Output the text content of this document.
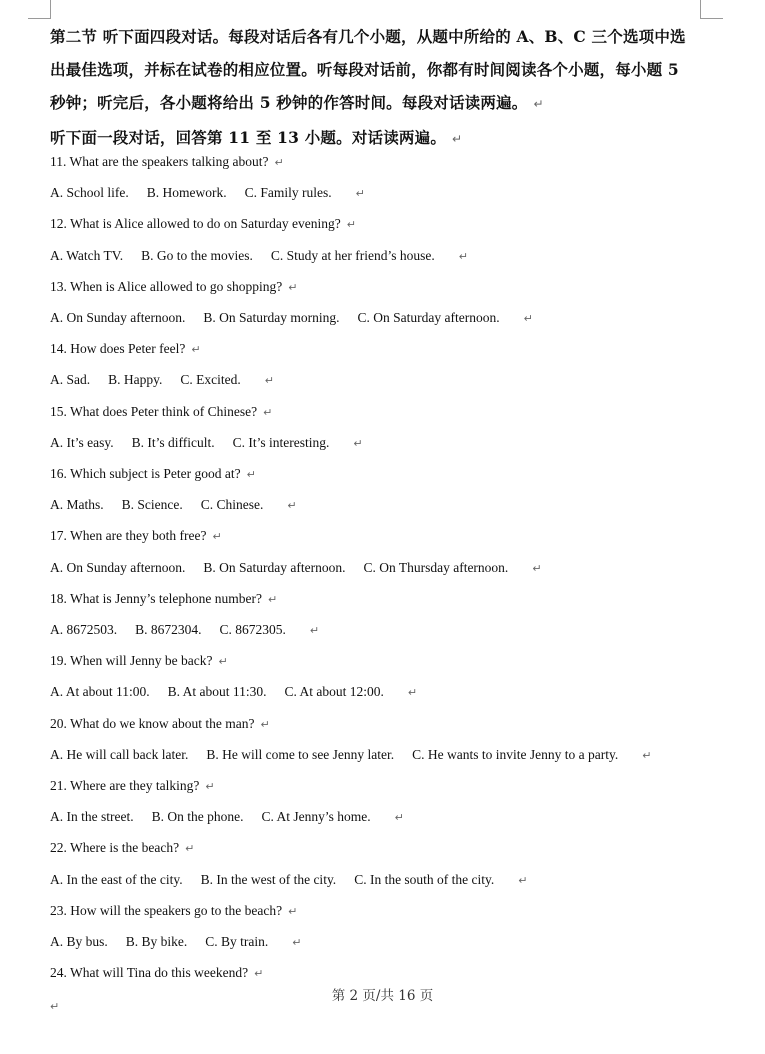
第二节 听下面四段对话。每段对话后各有几个小题，从题中所给的 A、B、C 三个选项中选
出最佳选项，并标在试卷的相应位置。听每段对话前，你都有时间阅读各个小题，每小题 5
秒钟；听完后，各小题将给出 5 秒钟的作答时间。每段对话读两遍。 ↵
听下面一段对话，回答第 11 至 13 小题。对话读两遍。 ↵
11. What are the speakers talking about? ↵
A. School life. B. Homework. C. Family rules. ↵
12. What is Alice allowed to do on Saturday evening? ↵
A. Watch TV. B. Go to the movies. C. Study at her friend’s house. ↵
13. When is Alice allowed to go shopping? ↵
A. On Sunday afternoon. B. On Saturday morning. C. On Saturday afternoon. ↵
14. How does Peter feel? ↵
A. Sad. B. Happy. C. Excited. ↵
15. What does Peter think of Chinese? ↵
A. It’s easy. B. It’s difficult. C. It’s interesting. ↵
16. Which subject is Peter good at? ↵
A. Maths. B. Science. C. Chinese. ↵
17. When are they both free? ↵
A. On Sunday afternoon. B. On Saturday afternoon. C. On Thursday afternoon. ↵
18. What is Jenny’s telephone number? ↵
A. 8672503. B. 8672304. C. 8672305. ↵
19. When will Jenny be back? ↵
A. At about 11:00. B. At about 11:30. C. At about 12:00. ↵
20. What do we know about the man? ↵
A. He will call back later. B. He will come to see Jenny later. C. He wants to invite Jenny to a party. ↵
21. Where are they talking? ↵
A. In the street. B. On the phone. C. At Jenny’s home. ↵
22. Where is the beach? ↵
A. In the east of the city. B. In the west of the city. C. In the south of the city. ↵
23. How will the speakers go to the beach? ↵
A. By bus. B. By bike. C. By train. ↵
24. What will Tina do this weekend? ↵
第 2 页/共 16 页
↵
